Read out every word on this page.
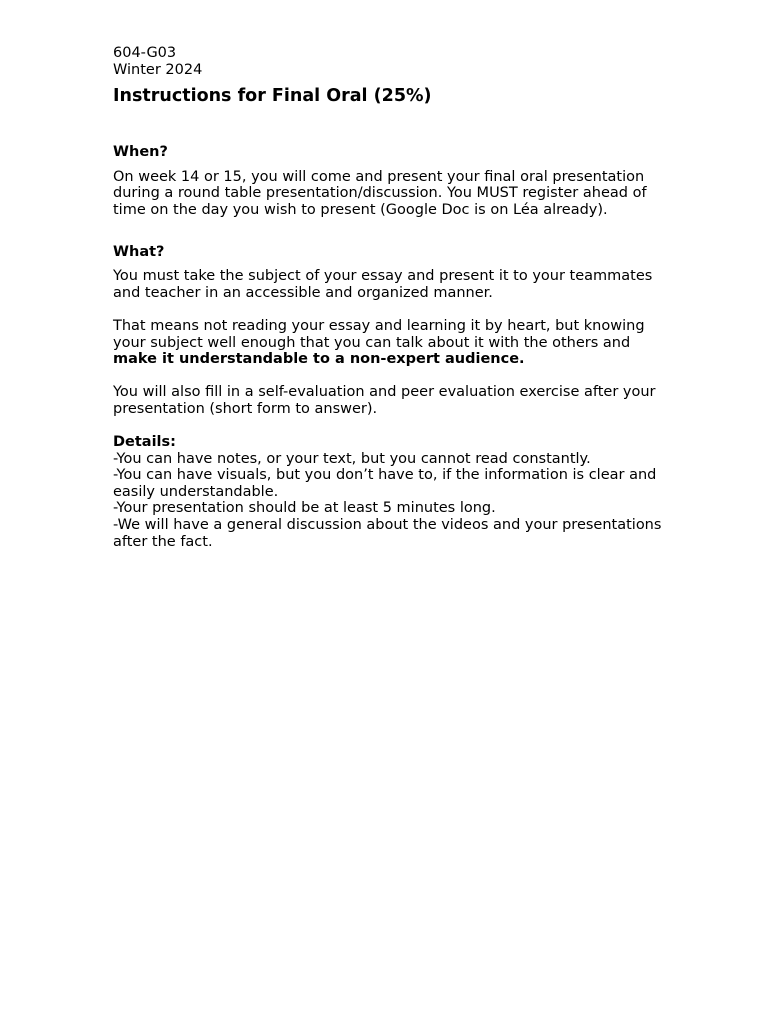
604-G03
Winter 2024
Instructions for Final Oral (25%)

When?

On week 14 or 15, you will come and present your final oral presentation during a round table presentation/discussion. You MUST register ahead of time on the day you wish to present (Google Doc is on Léa already).

What?

You must take the subject of your essay and present it to your teammates and teacher in an accessible and organized manner.

That means not reading your essay and learning it by heart, but knowing your subject well enough that you can talk about it with the others and make it understandable to a non-expert audience.

You will also fill in a self-evaluation and peer evaluation exercise after your presentation (short form to answer).

Details:

-You can have notes, or your text, but you cannot read constantly.
-You can have visuals, but you don’t have to, if the information is clear and easily understandable.
-Your presentation should be at least 5 minutes long.
-We will have a general discussion about the videos and your presentations after the fact.
